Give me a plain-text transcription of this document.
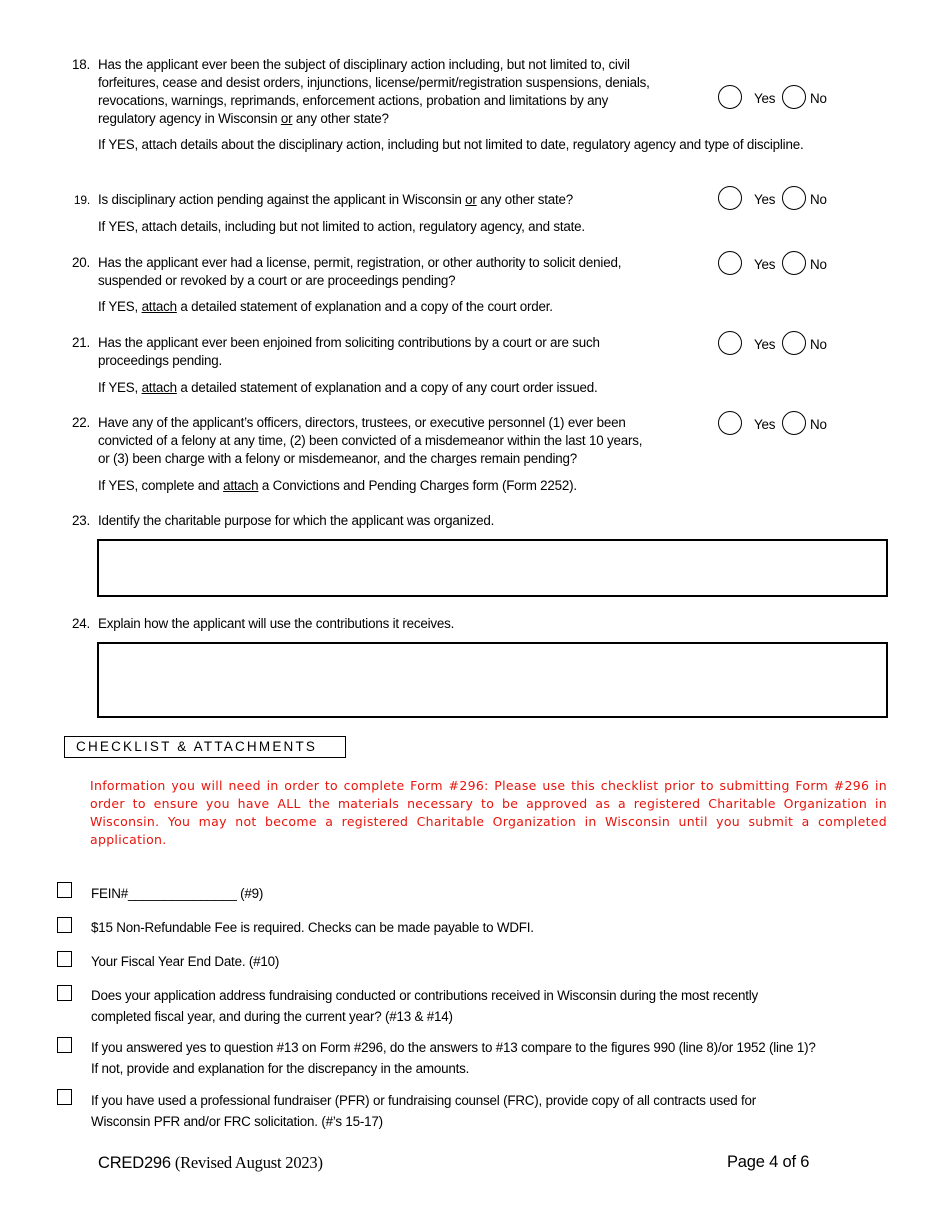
18. Has the applicant ever been the subject of disciplinary action including, but not limited to, civil
forfeitures, cease and desist orders, injunctions, license/permit/registration suspensions, denials,
revocations, warnings, reprimands, enforcement actions, probation and limitations by any
regulatory agency in Wisconsin or any other state?
Yes	No
If YES, attach details about the disciplinary action, including but not limited to date, regulatory agency and type of discipline.
19. Is disciplinary action pending against the applicant in Wisconsin or any other state?	Yes	No
If YES, attach details, including but not limited to action, regulatory agency, and state.
20. Has the applicant ever had a license, permit, registration, or other authority to solicit denied,
suspended or revoked by a court or are proceedings pending?
Yes	No
If YES, attach a detailed statement of explanation and a copy of the court order.
21. Has the applicant ever been enjoined from soliciting contributions by a court or are such
proceedings pending.
Yes	No
If YES, attach a detailed statement of explanation and a copy of any court order issued.
22. Have any of the applicant’s officers, directors, trustees, or executive personnel (1) ever been
convicted of a felony at any time, (2) been convicted of a misdemeanor within the last 10 years,
or (3) been charge with a felony or misdemeanor, and the charges remain pending?
Yes	No
If YES, complete and attach a Convictions and Pending Charges form (Form 2252).
23. Identify the charitable purpose for which the applicant was organized.
24. Explain how the applicant will use the contributions it receives.
CHECKLIST & ATTACHMENTS
Information you will need in order to complete Form #296: Please use this checklist prior to submitting Form #296 in order to ensure you have ALL the materials necessary to be approved as a registered Charitable Organization in Wisconsin. You may not become a registered Charitable Organization in Wisconsin until you submit a completed application.
FEIN#_______________ (#9)
$15 Non-Refundable Fee is required. Checks can be made payable to WDFI.
Your Fiscal Year End Date. (#10)
Does your application address fundraising conducted or contributions received in Wisconsin during the most recently
completed fiscal year, and during the current year? (#13 & #14)
If you answered yes to question #13 on Form #296, do the answers to #13 compare to the figures 990 (line 8)/or 1952 (line 1)?
If not, provide and explanation for the discrepancy in the amounts.
If you have used a professional fundraiser (PFR) or fundraising counsel (FRC), provide copy of all contracts used for
Wisconsin PFR and/or FRC solicitation. (#’s 15-17)
CRED296 (Revised August 2023)	Page 4 of 6
